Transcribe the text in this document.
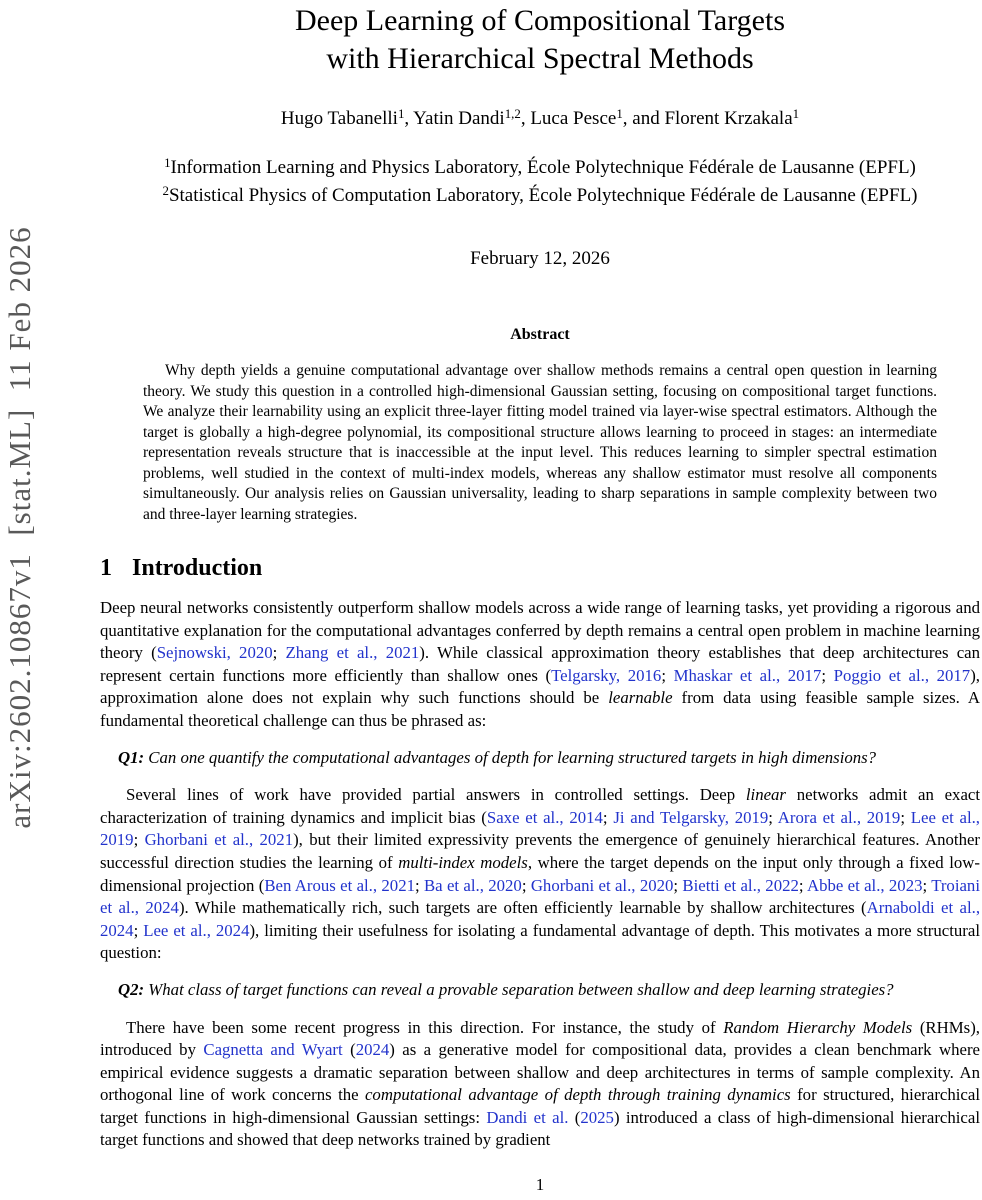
arXiv:2602.10867v1  [stat.ML]  11 Feb 2026

Deep Learning of Compositional Targets
with Hierarchical Spectral Methods
Hugo Tabanelli$^1$, Yatin Dandi$^{1,2}$, Luca Pesce$^1$, and Florent Krzakala$^1$
$^1$Information Learning and Physics Laboratory, École Polytechnique Fédérale de Lausanne (EPFL)
$^2$Statistical Physics of Computation Laboratory, École Polytechnique Fédérale de Lausanne (EPFL)
February 12, 2026
Abstract

Why depth yields a genuine computational advantage over shallow methods remains a central open question in learning theory. We study this question in a controlled high-dimensional Gaussian setting, focusing on compositional target functions. We analyze their learnability using an explicit three-layer fitting model trained via layer-wise spectral estimators. Although the target is globally a high-degree polynomial, its compositional structure allows learning to proceed in stages: an intermediate representation reveals structure that is inaccessible at the input level. This reduces learning to simpler spectral estimation problems, well studied in the context of multi-index models, whereas any shallow estimator must resolve all components simultaneously. Our analysis relies on Gaussian universality, leading to sharp separations in sample complexity between two and three-layer learning strategies.

1 Introduction

Deep neural networks consistently outperform shallow models across a wide range of learning tasks, yet providing a rigorous and quantitative explanation for the computational advantages conferred by depth remains a central open problem in machine learning theory (Sejnowski, 2020; Zhang et al., 2021). While classical approximation theory establishes that deep architectures can represent certain functions more efficiently than shallow ones (Telgarsky, 2016; Mhaskar et al., 2017; Poggio et al., 2017), approximation alone does not explain why such functions should be learnable from data using feasible sample sizes. A fundamental theoretical challenge can thus be phrased as:

Q1: Can one quantify the computational advantages of depth for learning structured targets in high dimensions?

Several lines of work have provided partial answers in controlled settings. Deep linear networks admit an exact characterization of training dynamics and implicit bias (Saxe et al., 2014; Ji and Telgarsky, 2019; Arora et al., 2019; Lee et al., 2019; Ghorbani et al., 2021), but their limited expressivity prevents the emergence of genuinely hierarchical features. Another successful direction studies the learning of multi-index models, where the target depends on the input only through a fixed low-dimensional projection (Ben Arous et al., 2021; Ba et al., 2020; Ghorbani et al., 2020; Bietti et al., 2022; Abbe et al., 2023; Troiani et al., 2024). While mathematically rich, such targets are often efficiently learnable by shallow architectures (Arnaboldi et al., 2024; Lee et al., 2024), limiting their usefulness for isolating a fundamental advantage of depth. This motivates a more structural question:

Q2: What class of target functions can reveal a provable separation between shallow and deep learning strategies?

There have been some recent progress in this direction. For instance, the study of Random Hierarchy Models (RHMs), introduced by Cagnetta and Wyart (2024) as a generative model for compositional data, provides a clean benchmark where empirical evidence suggests a dramatic separation between shallow and deep architectures in terms of sample complexity. An orthogonal line of work concerns the computational advantage of depth through training dynamics for structured, hierarchical target functions in high-dimensional Gaussian settings: Dandi et al. (2025) introduced a class of high-dimensional hierarchical target functions and showed that deep networks trained by gradient

1
